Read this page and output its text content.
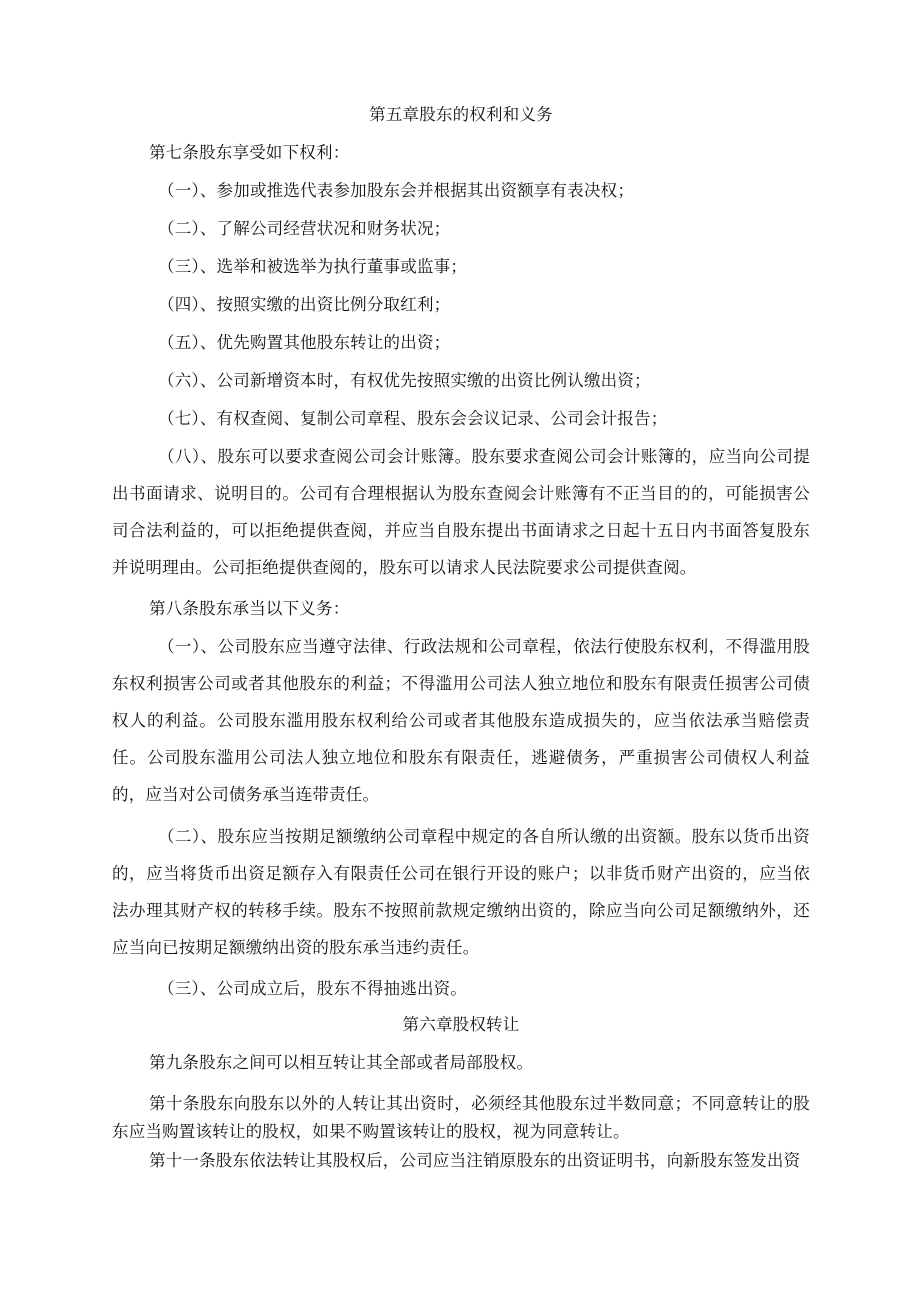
第五章股东的权利和义务

第七条股东享受如下权利：

（一）、参加或推选代表参加股东会并根据其出资额享有表决权；

（二）、了解公司经营状况和财务状况；

（三）、选举和被选举为执行董事或监事；

（四）、按照实缴的出资比例分取红利；

（五）、优先购置其他股东转让的出资；

（六）、公司新增资本时，有权优先按照实缴的出资比例认缴出资；

（七）、有权查阅、复制公司章程、股东会会议记录、公司会计报告；

（八）、股东可以要求查阅公司会计账簿。股东要求查阅公司会计账簿的，应当向公司提出书面请求、说明目的。公司有合理根据认为股东查阅会计账簿有不正当目的的，可能损害公司合法利益的，可以拒绝提供查阅，并应当自股东提出书面请求之日起十五日内书面答复股东并说明理由。公司拒绝提供查阅的，股东可以请求人民法院要求公司提供查阅。

第八条股东承当以下义务：

（一）、公司股东应当遵守法律、行政法规和公司章程，依法行使股东权利，不得滥用股东权利损害公司或者其他股东的利益；不得滥用公司法人独立地位和股东有限责任损害公司债权人的利益。公司股东滥用股东权利给公司或者其他股东造成损失的，应当依法承当赔偿责任。公司股东滥用公司法人独立地位和股东有限责任，逃避债务，严重损害公司债权人利益的，应当对公司债务承当连带责任。

（二）、股东应当按期足额缴纳公司章程中规定的各自所认缴的出资额。股东以货币出资的，应当将货币出资足额存入有限责任公司在银行开设的账户；以非货币财产出资的，应当依法办理其财产权的转移手续。股东不按照前款规定缴纳出资的，除应当向公司足额缴纳外，还应当向已按期足额缴纳出资的股东承当违约责任。

（三）、公司成立后，股东不得抽逃出资。

第六章股权转让

第九条股东之间可以相互转让其全部或者局部股权。

第十条股东向股东以外的人转让其出资时，必须经其他股东过半数同意；不同意转让的股东应当购置该转让的股权，如果不购置该转让的股权，视为同意转让。

第十一条股东依法转让其股权后，公司应当注销原股东的出资证明书，向新股东签发出资
